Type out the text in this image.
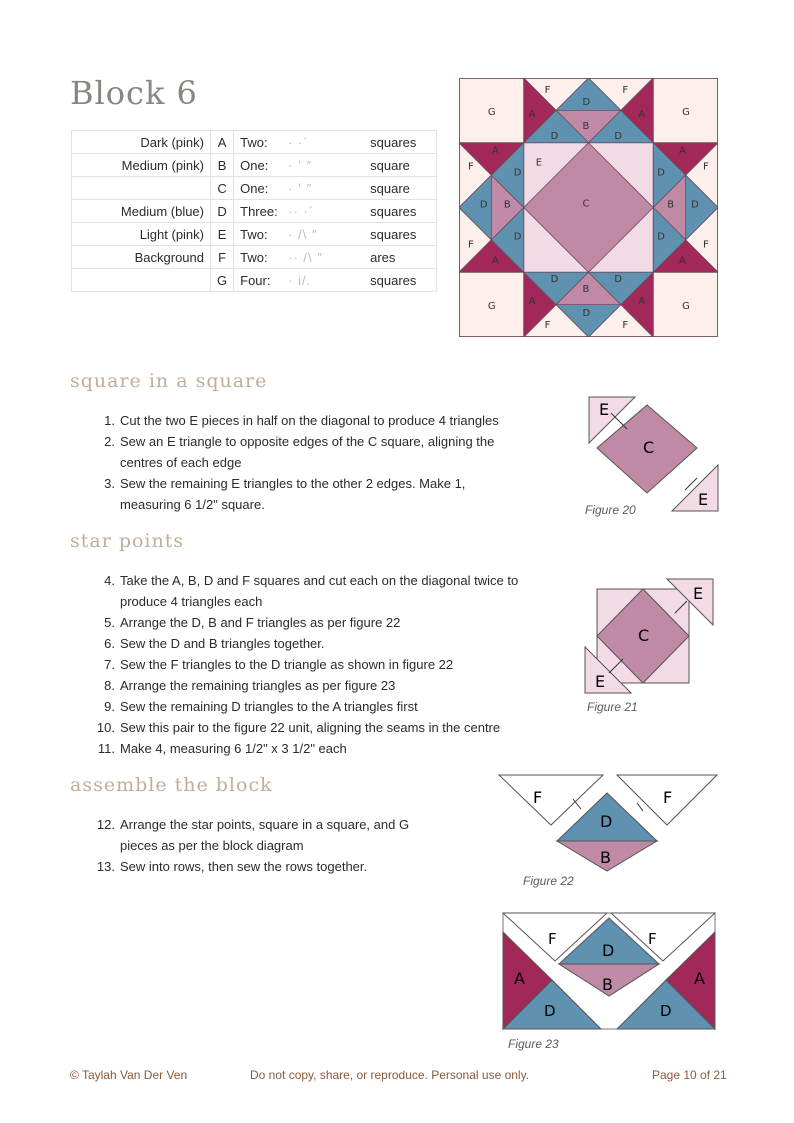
Block 6
Dark (pink)	A	Two: · ·´ squares
Medium (pink)	B	One: · ʼ ″ square
	C	One: · ʼ ″ square
Medium (blue)	D	Three: ·· ·´ squares
Light (pink)	E	Two: · /\ ″ squares
Background	F	Two: ·· /\ ″ ares
	G	Four: · i/. squares
G	G
G	G
E
C
F	F
A	A
D
B
D	D
F	F
A	A
D
B
D	D
F
F
A
A
D B
D
D
F
F
A
A
D
B
D
D
square in a square
1. Cut the two E pieces in half on the diagonal to produce 4 triangles
2. Sew an E triangle to opposite edges of the C square, aligning the centres of each edge
3. Sew the remaining E triangles to the other 2 edges. Make 1, measuring 6 1/2" square.
E
C
E
Figure 20
star points
4. Take the A, B, D and F squares and cut each on the diagonal twice to produce 4 triangles each
5. Arrange the D, B and F triangles as per figure 22
6. Sew the D and B triangles together.
7. Sew the F triangles to the D triangle as shown in figure 22
8. Arrange the remaining triangles as per figure 23
9. Sew the remaining D triangles to the A triangles first
10. Sew this pair to the figure 22 unit, aligning the seams in the centre
11. Make 4, measuring 6 1/2" x 3 1/2" each
C
E
E
Figure 21
assemble the block
12. Arrange the star points, square in a square, and G pieces as per the block diagram
13. Sew into rows, then sew the rows together.
F	F
D
B
Figure 22
F	F
D
B
A	A
D	D
Figure 23
© Taylah Van Der Ven	Do not copy, share, or reproduce. Personal use only.	Page 10 of 21
